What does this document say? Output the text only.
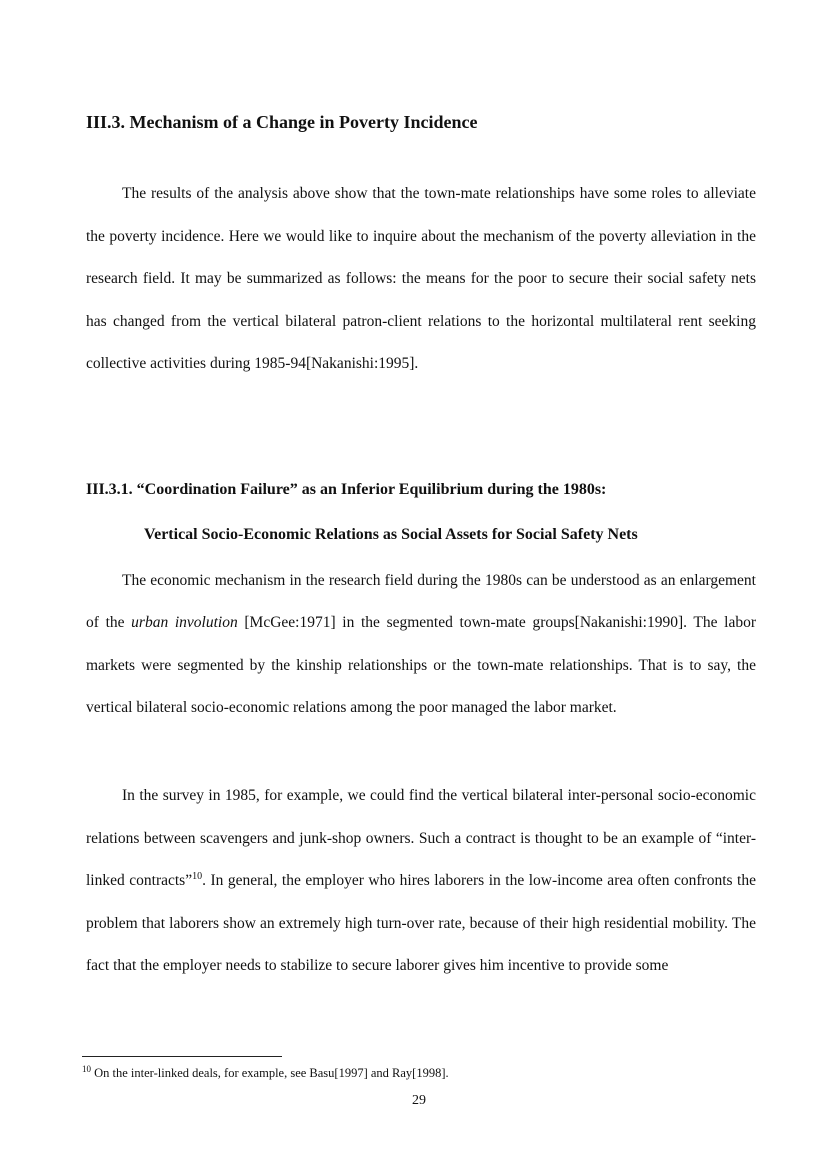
III.3. Mechanism of a Change in Poverty Incidence

The results of the analysis above show that the town-mate relationships have some roles to alleviate the poverty incidence. Here we would like to inquire about the mechanism of the poverty alleviation in the research field. It may be summarized as follows: the means for the poor to secure their social safety nets has changed from the vertical bilateral patron-client relations to the horizontal multilateral rent seeking collective activities during 1985-94[Nakanishi:1995].

III.3.1. “Coordination Failure” as an Inferior Equilibrium during the 1980s:
Vertical Socio-Economic Relations as Social Assets for Social Safety Nets

The economic mechanism in the research field during the 1980s can be understood as an enlargement of the urban involution [McGee:1971] in the segmented town-mate groups[Nakanishi:1990]. The labor markets were segmented by the kinship relationships or the town-mate relationships. That is to say, the vertical bilateral socio-economic relations among the poor managed the labor market.

In the survey in 1985, for example, we could find the vertical bilateral inter-personal socio-economic relations between scavengers and junk-shop owners. Such a contract is thought to be an example of “inter-linked contracts”$^{10}$. In general, the employer who hires laborers in the low-income area often confronts the problem that laborers show an extremely high turn-over rate, because of their high residential mobility. The fact that the employer needs to stabilize to secure laborer gives him incentive to provide some

$^{10}$ On the inter-linked deals, for example, see Basu[1997] and Ray[1998].

29
